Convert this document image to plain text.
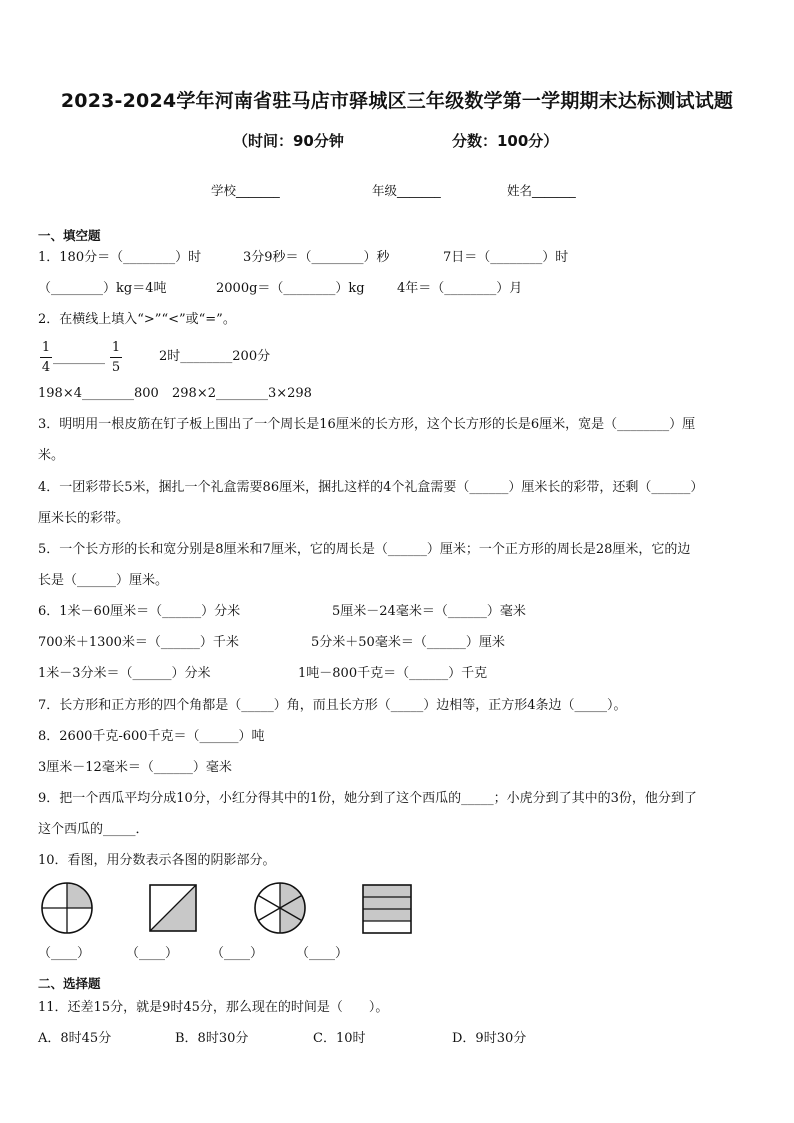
2023-2024学年河南省驻马店市驿城区三年级数学第一学期期末达标测试试题
（时间：90分钟	分数：100分）
学校_______	年级_______	姓名_______
一、填空题
1．180分＝（________）时	3分9秒＝（________）秒	7日＝（________）时
（________）kg＝4吨	2000g＝（________）kg 4年＝（________）月
2．在横线上填入“>”“<”或“=”。
$\frac{1}{4}$ ________ $\frac{1}{5}$	2时________200分
198×4________800 298×2________3×298
3．明明用一根皮筋在钉子板上围出了一个周长是16厘米的长方形，这个长方形的长是6厘米，宽是（________）厘
米。
4．一团彩带长5米，捆扎一个礼盒需要86厘米，捆扎这样的4个礼盒需要（______）厘米长的彩带，还剩（______）
厘米长的彩带。
5．一个长方形的长和宽分别是8厘米和7厘米，它的周长是（______）厘米；一个正方形的周长是28厘米，它的边
长是（______）厘米。
6．1米－60厘米＝（______）分米	5厘米－24毫米＝（______）毫米
700米＋1300米＝（______）千米	5分米＋50毫米＝（______）厘米
1米－3分米＝（______）分米	1吨－800千克＝（______）千克
7．长方形和正方形的四个角都是（_____）角，而且长方形（_____）边相等，正方形4条边（_____）。
8．2600千克-600千克＝（______）吨
3厘米－12毫米＝（______）毫米
9．把一个西瓜平均分成10分，小红分得其中的1份，她分到了这个西瓜的_____；小虎分到了其中的3份，他分到了
这个西瓜的_____．
10．看图，用分数表示各图的阴影部分。
（____）	（____）	（____）	（____）
二、选择题
11．还差15分，就是9时45分，那么现在的时间是（　　）。
A．8时45分	B．8时30分	C．10时	D．9时30分
